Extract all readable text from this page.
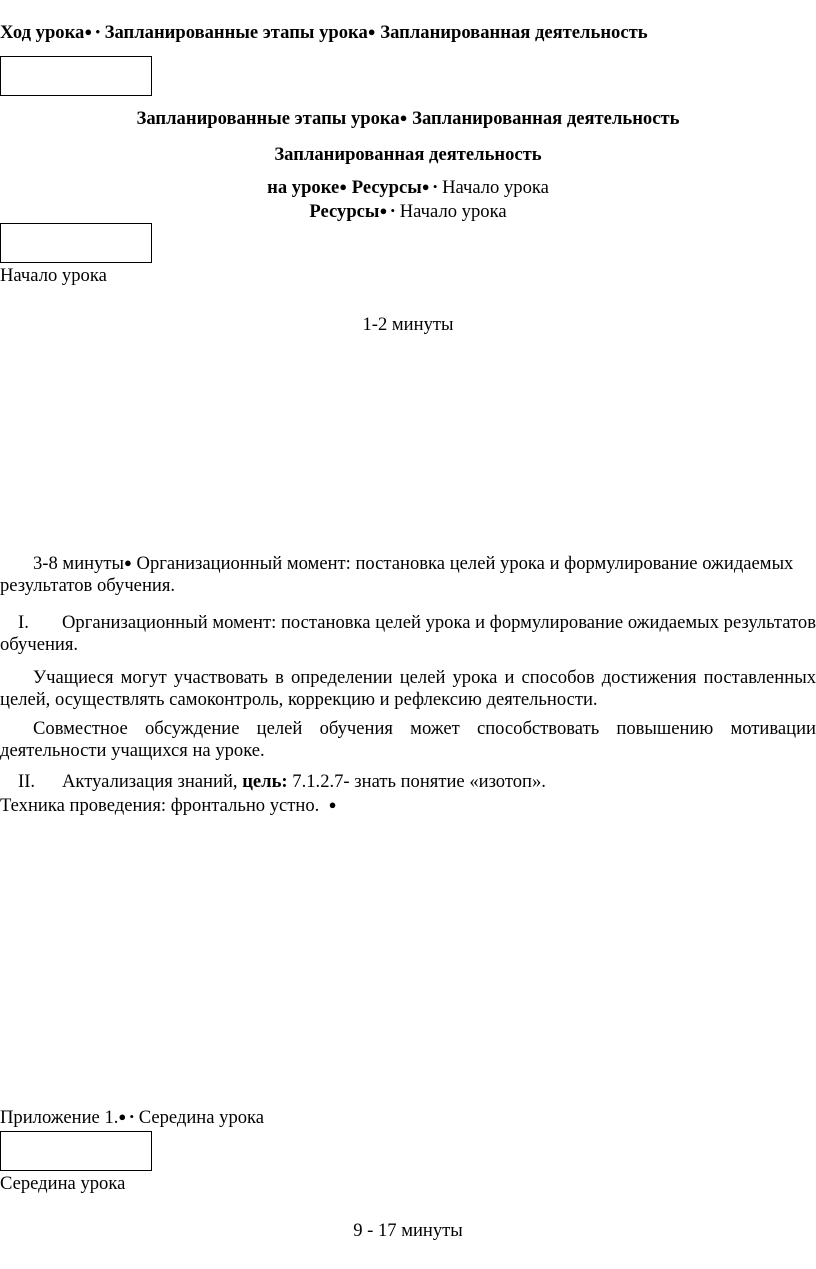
Ход урока● • Запланированные этапы урока● Запланированная деятельность
Запланированные этапы урока● Запланированная деятельность
Запланированная деятельность
на уроке● Ресурсы● • Начало урока
Ресурсы● • Начало урока
Начало урока
1-2 минуты
3-8 минуты● Организационный момент: постановка целей урока и формулирование ожидаемых результатов обучения.
I. Организационный момент: постановка целей урока и формулирование ожидаемых результатов обучения.
Учащиеся могут участвовать в определении целей урока и способов достижения поставленных целей, осуществлять самоконтроль, коррекцию и рефлексию деятельности.
Совместное обсуждение целей обучения может способствовать повышению мотивации деятельности учащихся на уроке.
II. Актуализация знаний, цель: 7.1.2.7- знать понятие «изотоп».
Техника проведения: фронтально устно. ●
Приложение 1.● • Середина урока
Середина урока
9 - 17 минуты
